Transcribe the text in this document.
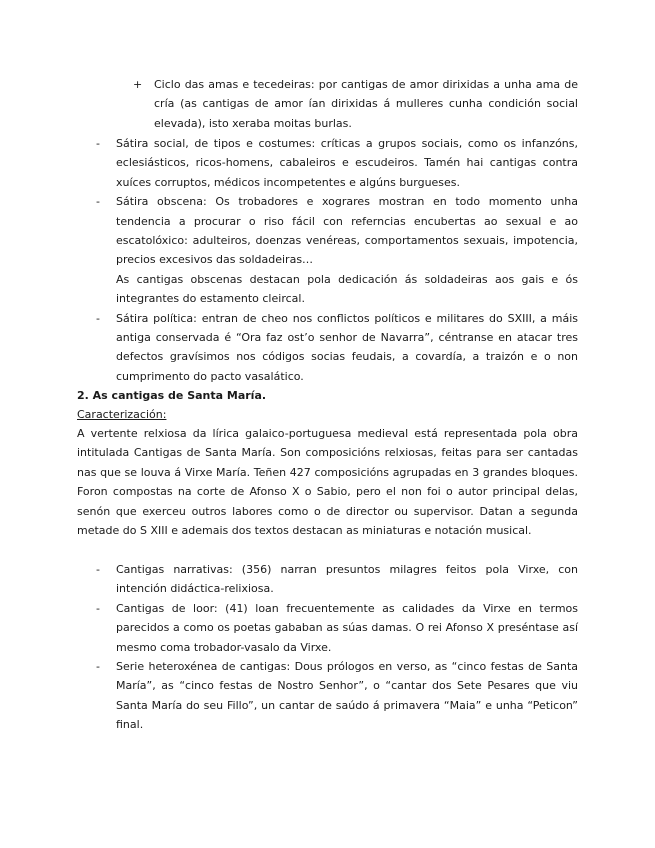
+ Ciclo das amas e tecedeiras: por cantigas de amor dirixidas a unha ama de cría (as cantigas de amor ían dirixidas á mulleres cunha condición social elevada), isto xeraba moitas burlas.
- Sátira social, de tipos e costumes: críticas a grupos sociais, como os infanzóns, eclesiásticos, ricos-homens, cabaleiros e escudeiros. Tamén hai cantigas contra xuíces corruptos, médicos incompetentes e algúns burgueses.

- Sátira obscena: Os trobadores e xograres mostran en todo momento unha tendencia a procurar o riso fácil con referncias encubertas ao sexual e ao escatolóxico: adulteiros, doenzas venéreas, comportamentos sexuais, impotencia, precios excesivos das soldadeiras…

As cantigas obscenas destacan pola dedicación ás soldadeiras aos gais e ós integrantes do estamento cleircal.

- Sátira política: entran de cheo nos conflictos políticos e militares do SXIII, a máis antiga conservada é “Ora faz ost’o senhor de Navarra”, céntranse en atacar tres defectos gravísimos nos códigos socias feudais, a covardía, a traizón e o non cumprimento do pacto vasalático.

2. As cantigas de Santa María.
Caracterización:

A vertente relxiosa da lírica galaico-portuguesa medieval está representada pola obra intitulada Cantigas de Santa María. Son composicións relxiosas, feitas para ser cantadas nas que se louva á Virxe María. Teñen 427 composicións agrupadas en 3 grandes bloques. Foron compostas na corte de Afonso X o Sabio, pero el non foi o autor principal delas, senón que exerceu outros labores como o de director ou supervisor. Datan a segunda metade do S XIII e ademais dos textos destacan as miniaturas e notación musical.

- Cantigas narrativas: (356) narran presuntos milagres feitos pola Virxe, con intención didáctica-relixiosa.

- Cantigas de loor: (41) loan frecuentemente as calidades da Virxe en termos parecidos a como os poetas gababan as súas damas. O rei Afonso X preséntase así mesmo coma trobador-vasalo da Virxe.

- Serie heteroxénea de cantigas: Dous prólogos en verso, as “cinco festas de Santa María”, as “cinco festas de Nostro Senhor”, o “cantar dos Sete Pesares que viu Santa María do seu Fillo”, un cantar de saúdo á primavera “Maia” e unha “Peticon” final.
